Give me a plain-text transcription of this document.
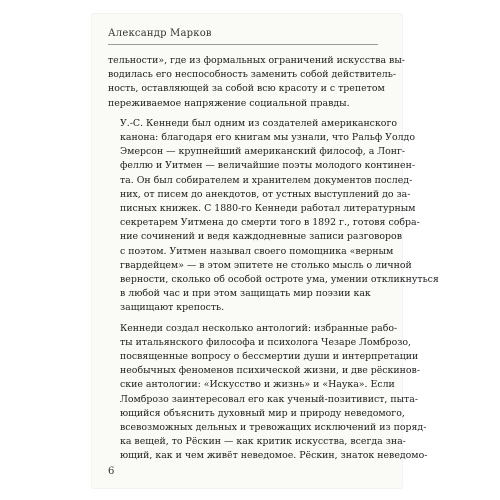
Александр Марков
тельности», где из формальных ограничений искусства вы-
водилась его неспособность заменить собой действитель-
ность, оставляющей за собой всю красоту и с трепетом
переживаемое напряжение социальной правды.
У.-С. Кеннеди был одним из создателей американского
канона: благодаря его книгам мы узнали, что Ральф Уолдо
Эмерсон — крупнейший американский философ, а Лонг-
феллю и Уитмен — величайшие поэты молодого континен-
та. Он был собирателем и хранителем документов послед-
них, от писем до анекдотов, от устных выступлений до за-
писных книжек. С 1880-го Кеннеди работал литературным
секретарем Уитмена до смерти того в 1892 г., готовя собра-
ние сочинений и ведя каждодневные записи разговоров
с поэтом. Уитмен называл своего помощника «верным
гвардейцем» — в этом эпитете не столько мысль о личной
верности, сколько об особой остроте ума, умении откликнуться
в любой час и при этом защищать мир поэзии как
защищают крепость.
Кеннеди создал несколько антологий: избранные рабо-
ты итальянского философа и психолога Чезаре Ломброзо,
посвященные вопросу о бессмертии души и интерпретации
необычных феноменов психической жизни, и две рёскинов-
ские антологии: «Искусство и жизнь» и «Наука». Если
Ломброзо заинтересовал его как ученый-позитивист, пыта-
ющийся объяснить духовный мир и природу неведомого,
всевозможных дельных и тревожащих исключений из поряд-
ка вещей, то Рёскин — как критик искусства, всегда зна-
ющий, как и чем живёт неведомое. Рёскин, знаток неведомо-
6
